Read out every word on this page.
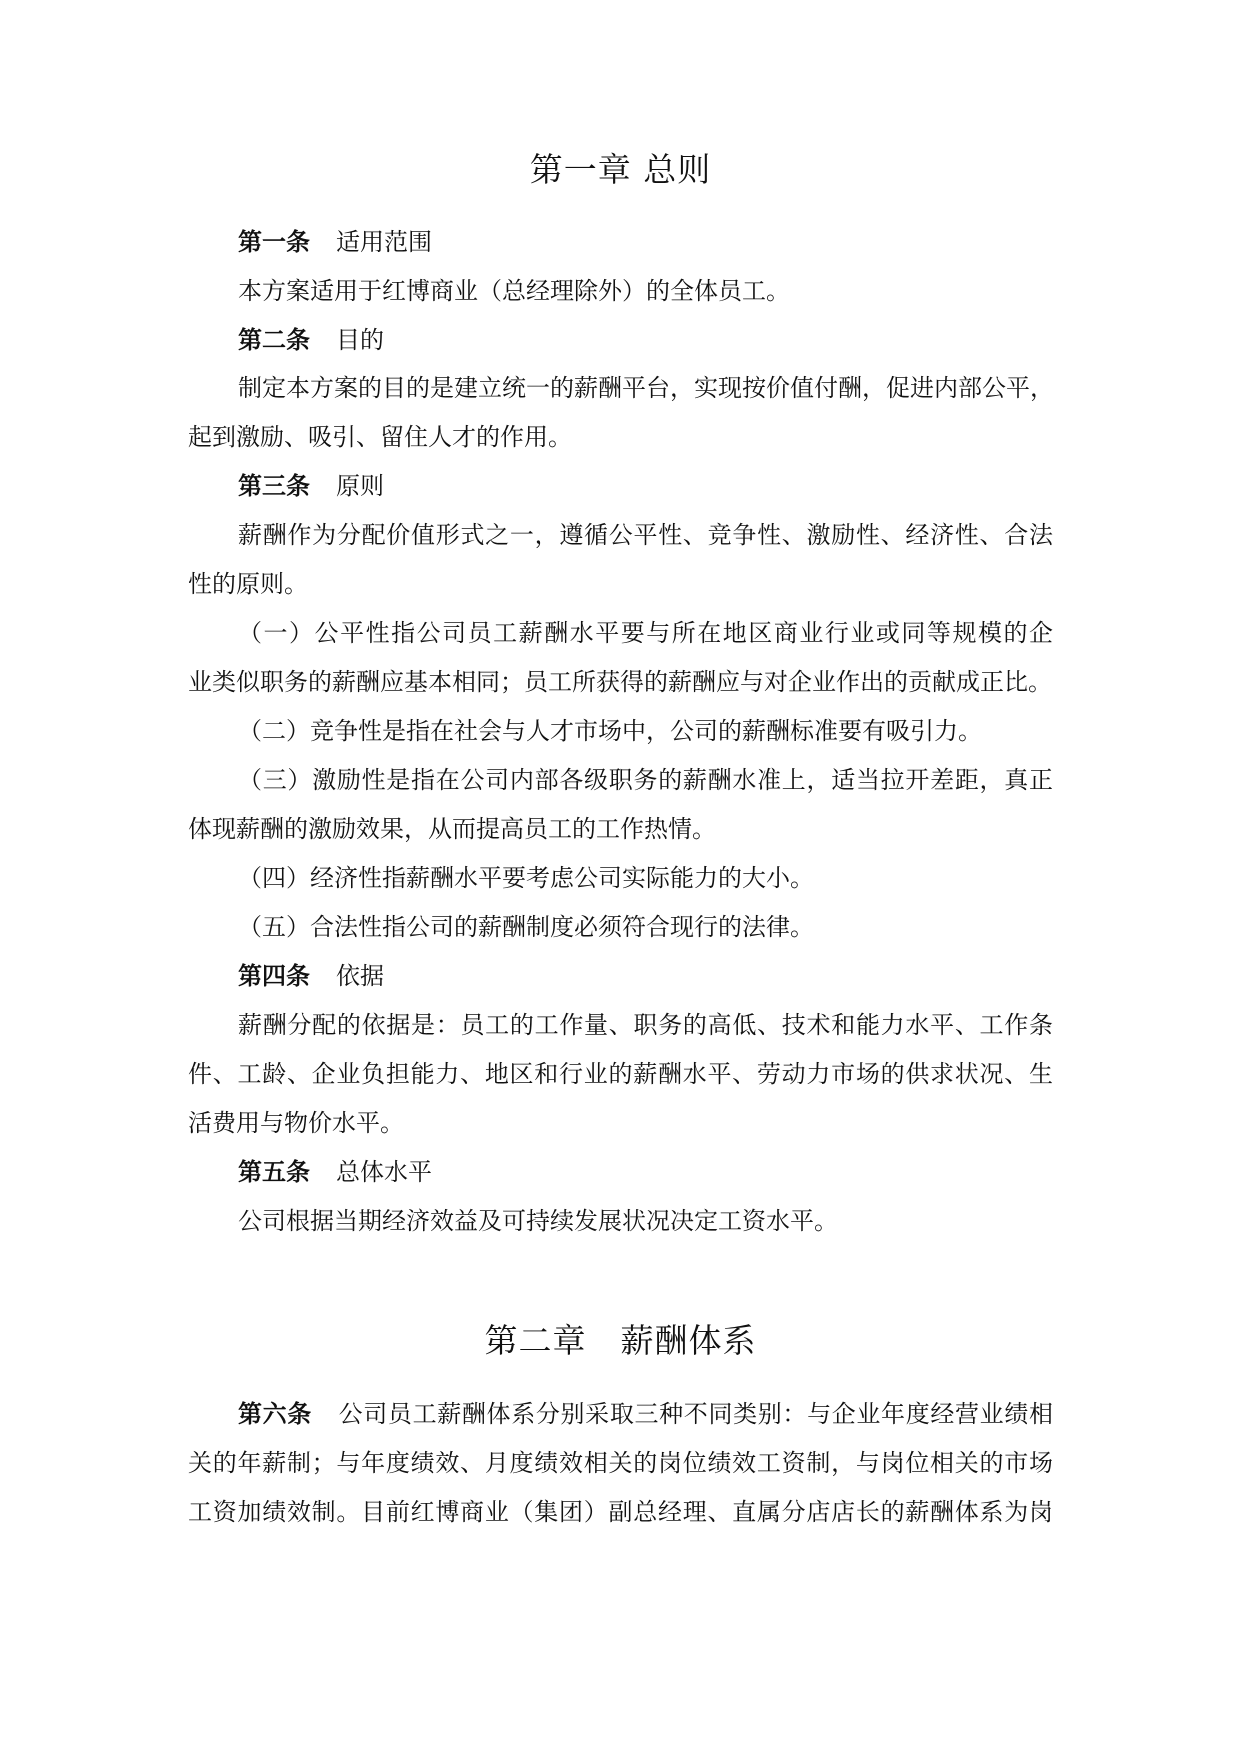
第一章 总则
第一条 适用范围
本方案适用于红博商业（总经理除外）的全体员工。
第二条 目的
制定本方案的目的是建立统一的薪酬平台，实现按价值付酬，促进内部公平，
起到激励、吸引、留住人才的作用。
第三条 原则
薪酬作为分配价值形式之一，遵循公平性、竞争性、激励性、经济性、合法
性的原则。
（一）公平性指公司员工薪酬水平要与所在地区商业行业或同等规模的企
业类似职务的薪酬应基本相同；员工所获得的薪酬应与对企业作出的贡献成正比。
（二）竞争性是指在社会与人才市场中，公司的薪酬标准要有吸引力。
（三）激励性是指在公司内部各级职务的薪酬水准上，适当拉开差距，真正
体现薪酬的激励效果，从而提高员工的工作热情。
（四）经济性指薪酬水平要考虑公司实际能力的大小。
（五）合法性指公司的薪酬制度必须符合现行的法律。
第四条 依据
薪酬分配的依据是：员工的工作量、职务的高低、技术和能力水平、工作条
件、工龄、企业负担能力、地区和行业的薪酬水平、劳动力市场的供求状况、生
活费用与物价水平。
第五条 总体水平
公司根据当期经济效益及可持续发展状况决定工资水平。
第二章　薪酬体系
第六条 公司员工薪酬体系分别采取三种不同类别：与企业年度经营业绩相
关的年薪制；与年度绩效、月度绩效相关的岗位绩效工资制，与岗位相关的市场
工资加绩效制。目前红博商业（集团）副总经理、直属分店店长的薪酬体系为岗
